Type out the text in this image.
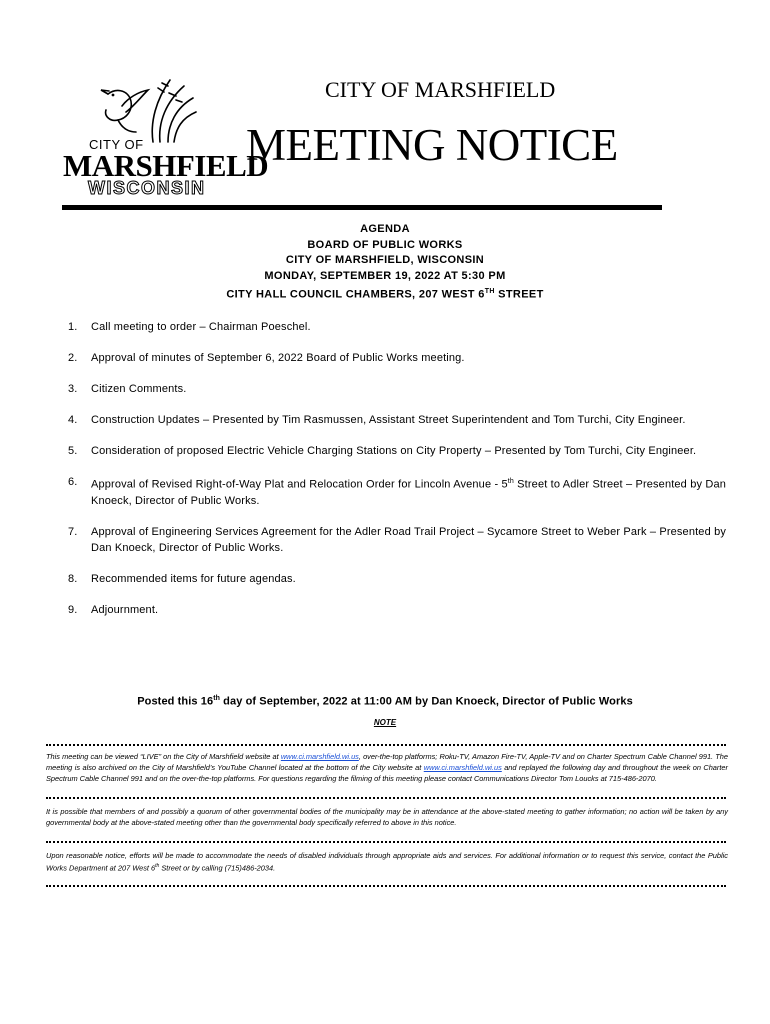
CITY OF
MARSHFIELD
WISCONSIN
CITY OF MARSHFIELD
MEETING NOTICE
AGENDA
BOARD OF PUBLIC WORKS
CITY OF MARSHFIELD, WISCONSIN
MONDAY, SEPTEMBER 19, 2022 AT 5:30 PM
CITY HALL COUNCIL CHAMBERS, 207 WEST 6TH STREET
1.	Call meeting to order – Chairman Poeschel.
2.	Approval of minutes of September 6, 2022 Board of Public Works meeting.
3.	Citizen Comments.
4.	Construction Updates – Presented by Tim Rasmussen, Assistant Street Superintendent and Tom Turchi, City Engineer.
5.	Consideration of proposed Electric Vehicle Charging Stations on City Property – Presented by Tom Turchi, City Engineer.
6.	Approval of Revised Right-of-Way Plat and Relocation Order for Lincoln Avenue - 5th Street to Adler Street – Presented by Dan Knoeck, Director of Public Works.
7.	Approval of Engineering Services Agreement for the Adler Road Trail Project – Sycamore Street to Weber Park – Presented by Dan Knoeck, Director of Public Works.
8.	Recommended items for future agendas.
9.	Adjournment.
Posted this 16th day of September, 2022 at 11:00 AM by Dan Knoeck, Director of Public Works
NOTE
This meeting can be viewed “LIVE” on the City of Marshfield website at www.ci.marshfield.wi.us, over-the-top platforms; Roku-TV, Amazon Fire-TV, Apple-TV and on Charter Spectrum Cable Channel 991. The meeting is also archived on the City of Marshfield’s YouTube Channel located at the bottom of the City website at www.ci.marshfield.wi.us and replayed the following day and throughout the week on Charter Spectrum Cable Channel 991 and on the over-the-top platforms. For questions regarding the filming of this meeting please contact Communications Director Tom Loucks at 715-486-2070.
It is possible that members of and possibly a quorum of other governmental bodies of the municipality may be in attendance at the above-stated meeting to gather information; no action will be taken by any governmental body at the above-stated meeting other than the governmental body specifically referred to above in this notice.
Upon reasonable notice, efforts will be made to accommodate the needs of disabled individuals through appropriate aids and services. For additional information or to request this service, contact the Public Works Department at 207 West 6th Street or by calling (715)486-2034.
